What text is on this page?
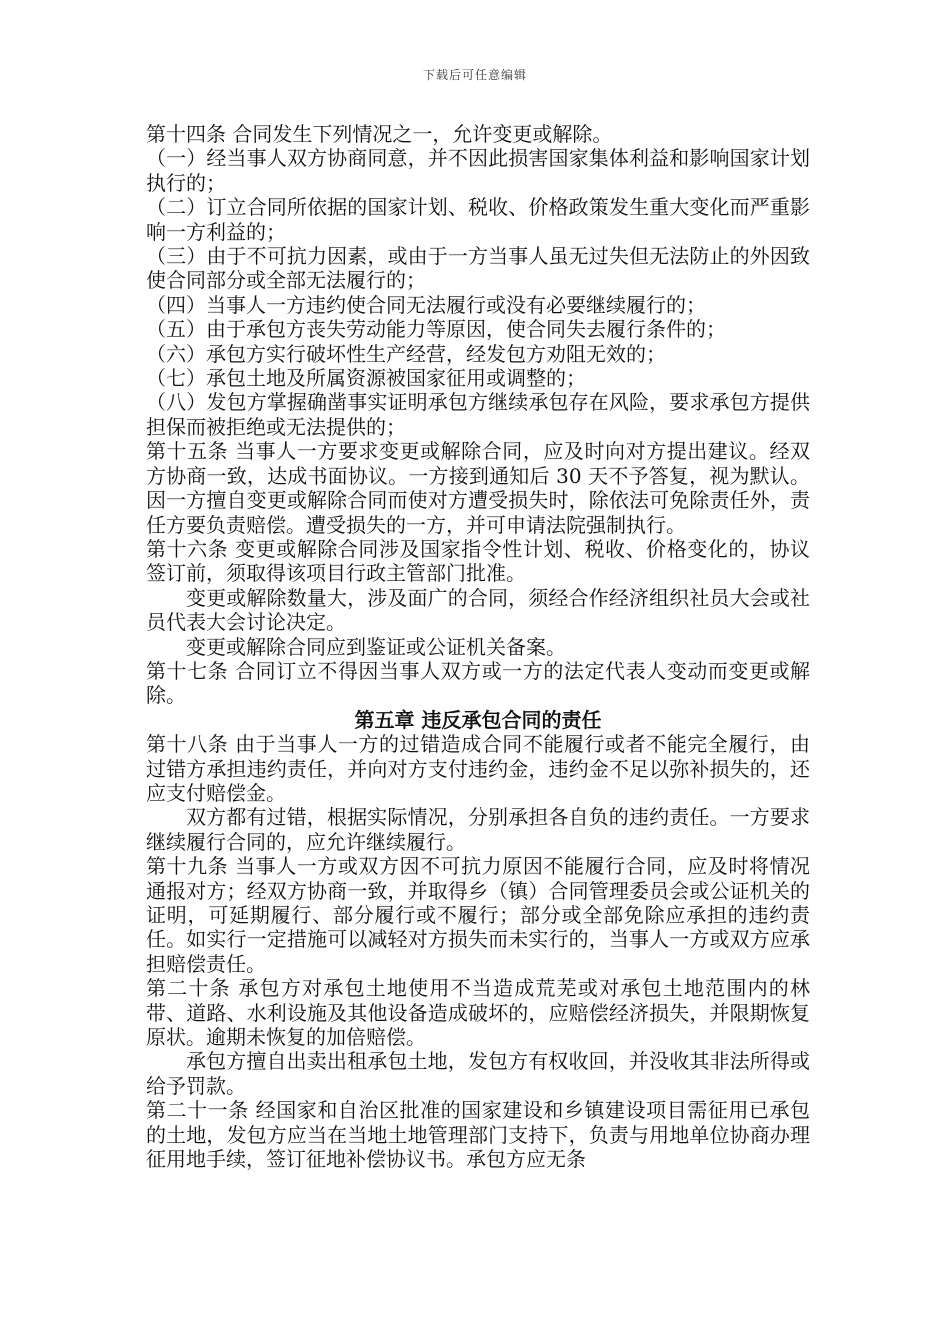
下载后可任意编辑

第十四条 合同发生下列情况之一，允许变更或解除。

（一）经当事人双方协商同意，并不因此损害国家集体利益和影响国家计划执行的；

（二）订立合同所依据的国家计划、税收、价格政策发生重大变化而严重影响一方利益的；

（三）由于不可抗力因素，或由于一方当事人虽无过失但无法防止的外因致使合同部分或全部无法履行的；

（四）当事人一方违约使合同无法履行或没有必要继续履行的；

（五）由于承包方丧失劳动能力等原因，使合同失去履行条件的；

（六）承包方实行破坏性生产经营，经发包方劝阻无效的；

（七）承包土地及所属资源被国家征用或调整的；

（八）发包方掌握确凿事实证明承包方继续承包存在风险，要求承包方提供担保而被拒绝或无法提供的；

第十五条 当事人一方要求变更或解除合同，应及时向对方提出建议。经双方协商一致，达成书面协议。一方接到通知后 30 天不予答复，视为默认。因一方擅自变更或解除合同而使对方遭受损失时，除依法可免除责任外，责任方要负责赔偿。遭受损失的一方，并可申请法院强制执行。

第十六条 变更或解除合同涉及国家指令性计划、税收、价格变化的，协议签订前，须取得该项目行政主管部门批准。

变更或解除数量大，涉及面广的合同，须经合作经济组织社员大会或社员代表大会讨论决定。

变更或解除合同应到鉴证或公证机关备案。

第十七条 合同订立不得因当事人双方或一方的法定代表人变动而变更或解除。

第五章 违反承包合同的责任

第十八条 由于当事人一方的过错造成合同不能履行或者不能完全履行，由过错方承担违约责任，并向对方支付违约金，违约金不足以弥补损失的，还应支付赔偿金。

双方都有过错，根据实际情况，分别承担各自负的违约责任。一方要求继续履行合同的，应允许继续履行。

第十九条 当事人一方或双方因不可抗力原因不能履行合同，应及时将情况通报对方；经双方协商一致，并取得乡（镇）合同管理委员会或公证机关的证明，可延期履行、部分履行或不履行；部分或全部免除应承担的违约责任。如实行一定措施可以减轻对方损失而未实行的，当事人一方或双方应承担赔偿责任。

第二十条 承包方对承包土地使用不当造成荒芜或对承包土地范围内的林带、道路、水利设施及其他设备造成破坏的，应赔偿经济损失，并限期恢复原状。逾期未恢复的加倍赔偿。

承包方擅自出卖出租承包土地，发包方有权收回，并没收其非法所得或给予罚款。

第二十一条 经国家和自治区批准的国家建设和乡镇建设项目需征用已承包的土地，发包方应当在当地土地管理部门支持下，负责与用地单位协商办理征用地手续，签订征地补偿协议书。承包方应无条
